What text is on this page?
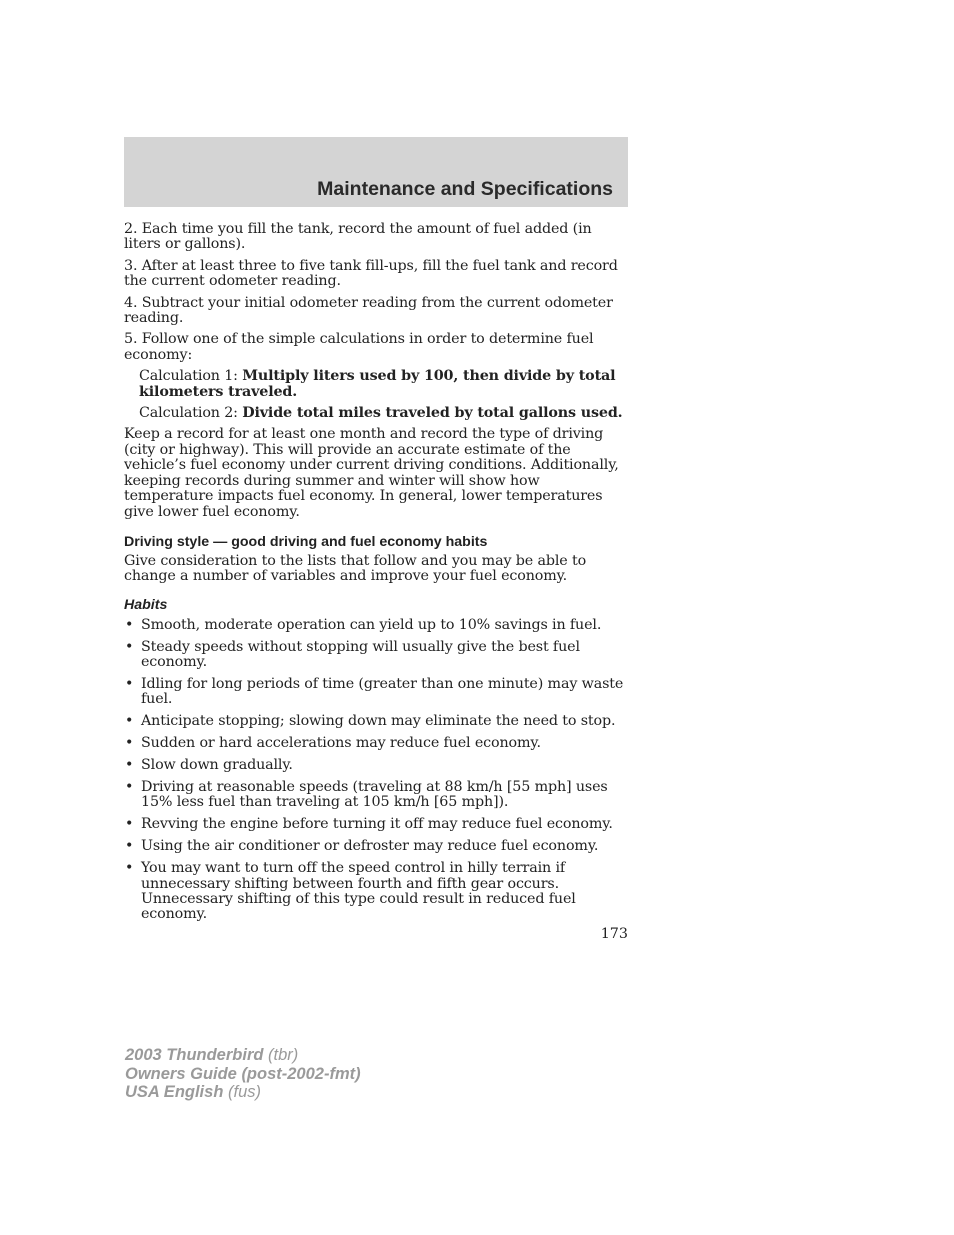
Maintenance and Specifications

2. Each time you fill the tank, record the amount of fuel added (in liters or gallons).

3. After at least three to five tank fill-ups, fill the fuel tank and record the current odometer reading.

4. Subtract your initial odometer reading from the current odometer reading.

5. Follow one of the simple calculations in order to determine fuel economy:

Calculation 1: Multiply liters used by 100, then divide by total kilometers traveled.

Calculation 2: Divide total miles traveled by total gallons used.

Keep a record for at least one month and record the type of driving (city or highway). This will provide an accurate estimate of the vehicle’s fuel economy under current driving conditions. Additionally, keeping records during summer and winter will show how temperature impacts fuel economy. In general, lower temperatures give lower fuel economy.

Driving style — good driving and fuel economy habits

Give consideration to the lists that follow and you may be able to change a number of variables and improve your fuel economy.

Habits
• Smooth, moderate operation can yield up to 10% savings in fuel.
• Steady speeds without stopping will usually give the best fuel economy.
• Idling for long periods of time (greater than one minute) may waste fuel.
• Anticipate stopping; slowing down may eliminate the need to stop.
• Sudden or hard accelerations may reduce fuel economy.
• Slow down gradually.
• Driving at reasonable speeds (traveling at 88 km/h [55 mph] uses 15% less fuel than traveling at 105 km/h [65 mph]).
• Revving the engine before turning it off may reduce fuel economy.
• Using the air conditioner or defroster may reduce fuel economy.
• You may want to turn off the speed control in hilly terrain if unnecessary shifting between fourth and fifth gear occurs. Unnecessary shifting of this type could result in reduced fuel economy.
173
2003 Thunderbird (tbr)
Owners Guide (post-2002-fmt)
USA English (fus)
